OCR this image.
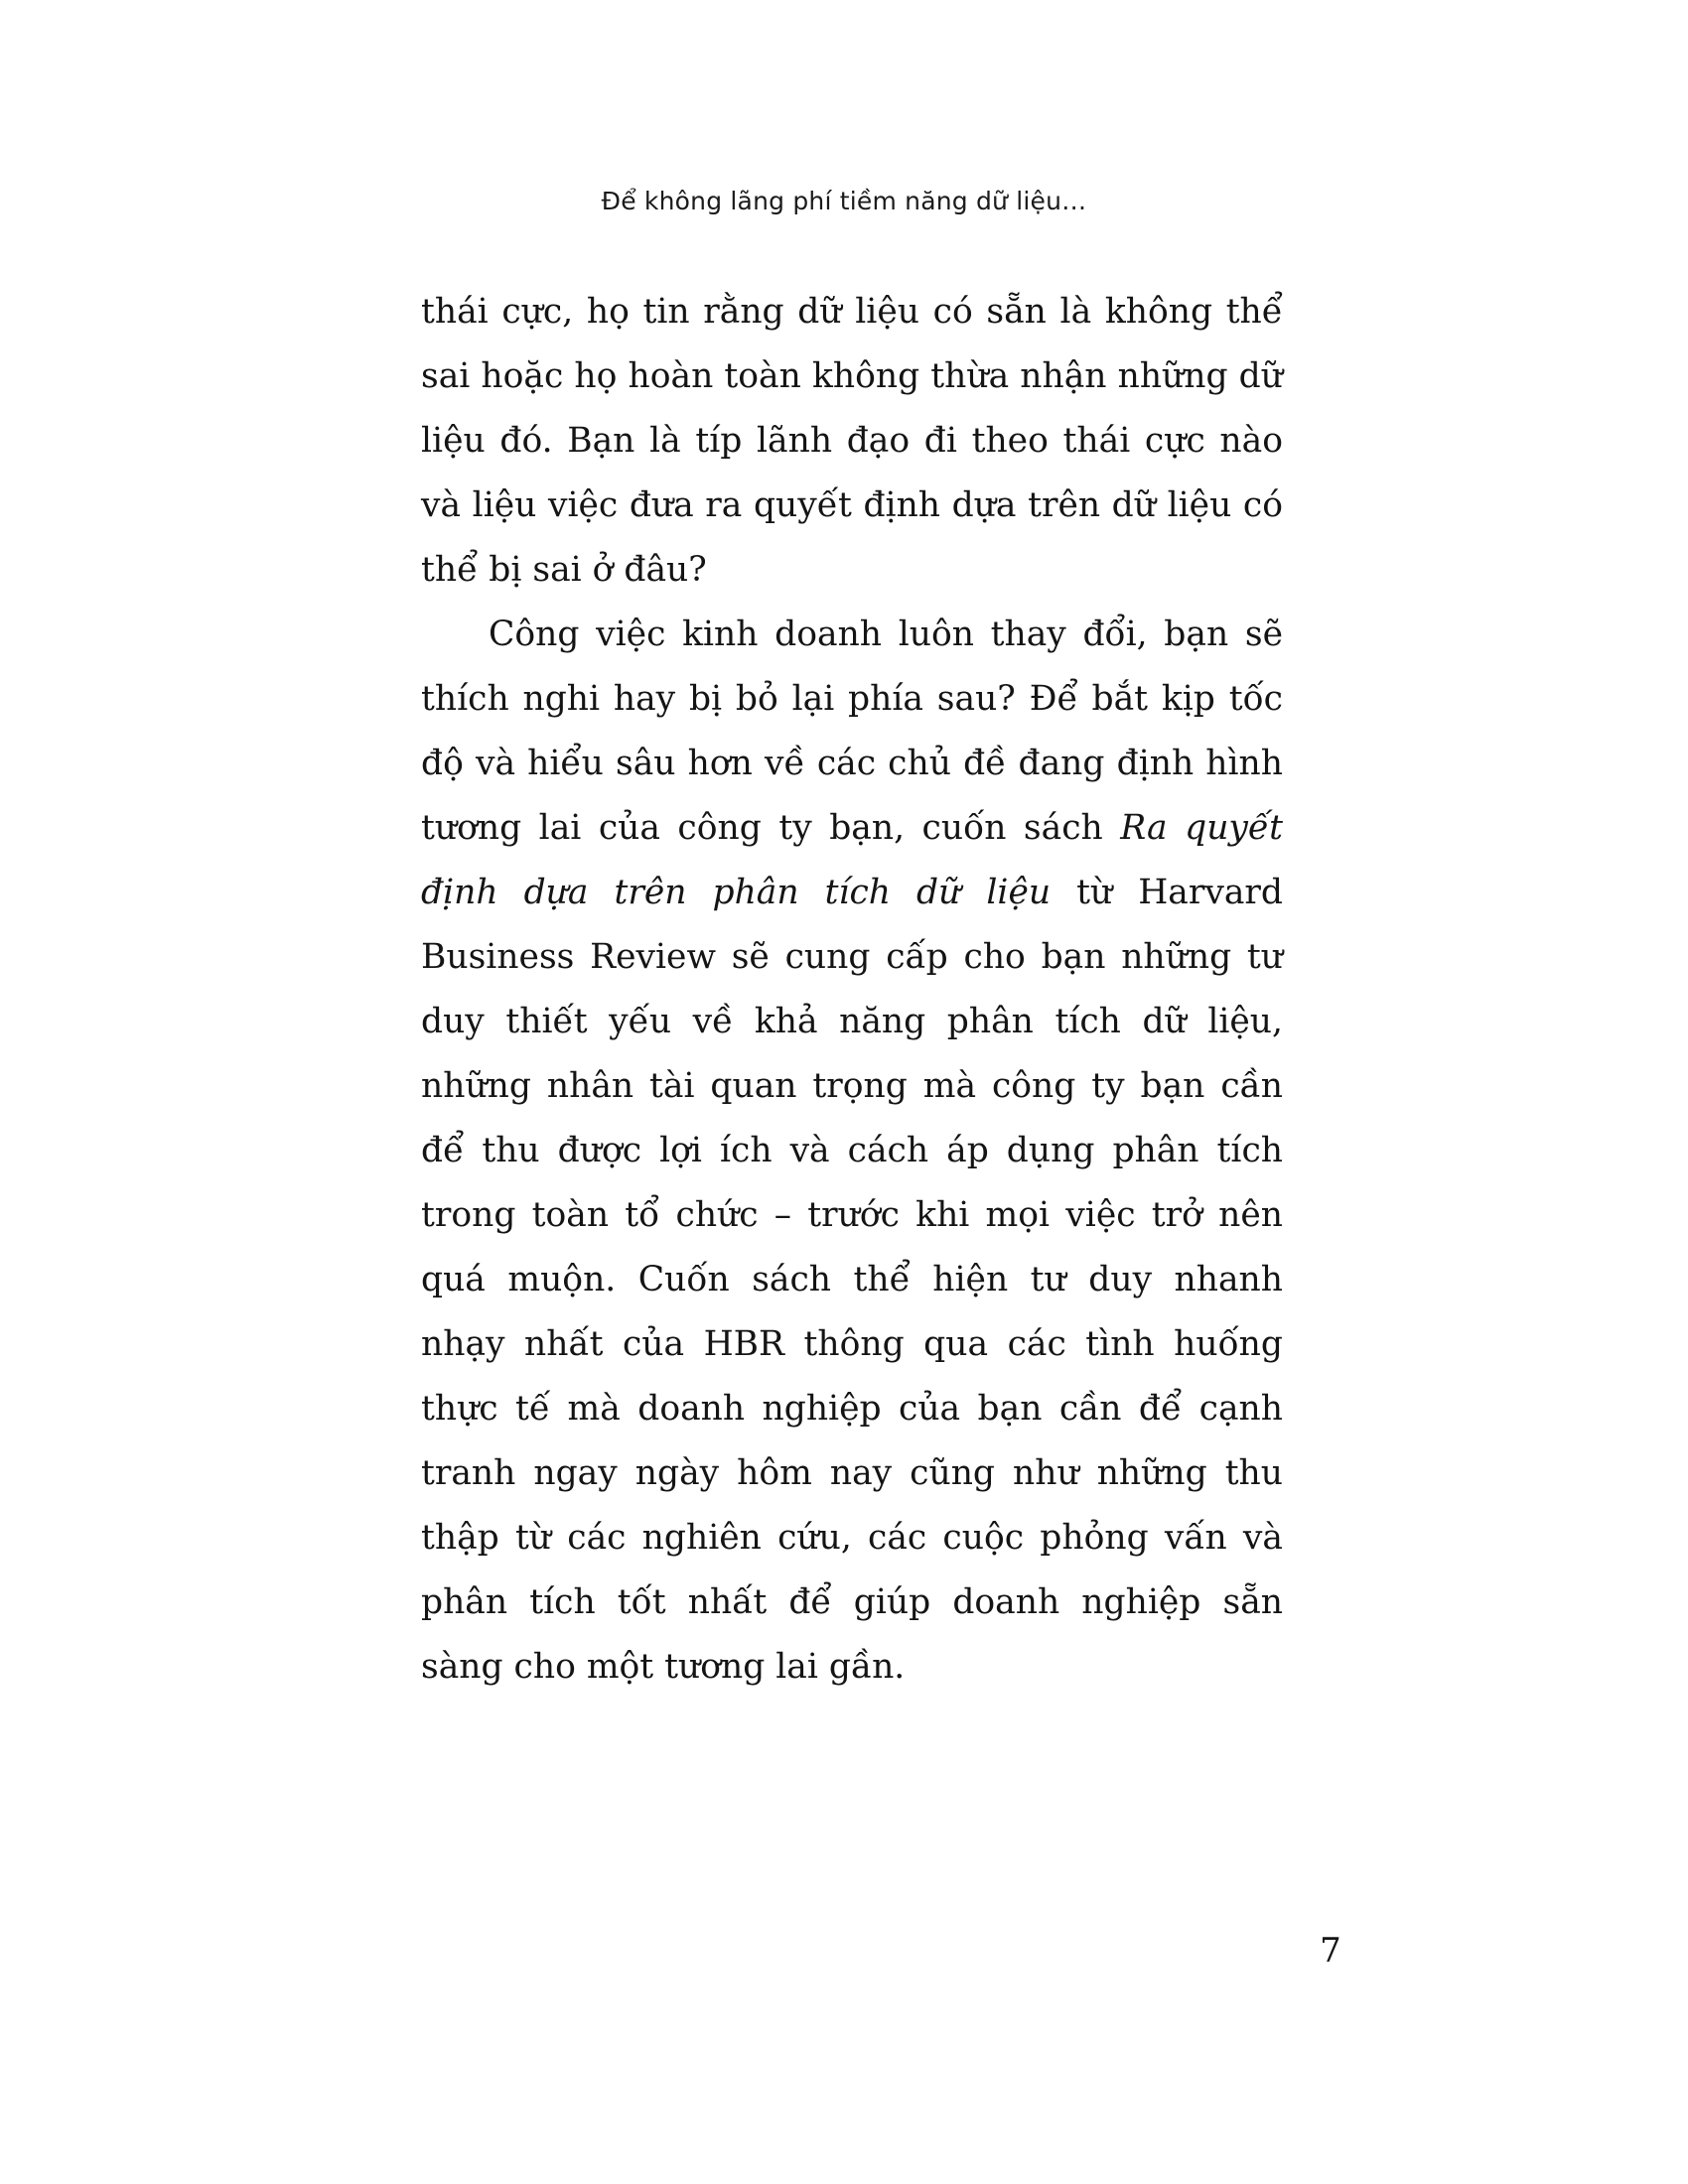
Để không lãng phí tiềm năng dữ liệu…

thái cực, họ tin rằng dữ liệu có sẵn là không thể sai hoặc họ hoàn toàn không thừa nhận những dữ liệu đó. Bạn là típ lãnh đạo đi theo thái cực nào và liệu việc đưa ra quyết định dựa trên dữ liệu có thể bị sai ở đâu?

Công việc kinh doanh luôn thay đổi, bạn sẽ thích nghi hay bị bỏ lại phía sau? Để bắt kịp tốc độ và hiểu sâu hơn về các chủ đề đang định hình tương lai của công ty bạn, cuốn sách Ra quyết định dựa trên phân tích dữ liệu từ Harvard Business Review sẽ cung cấp cho bạn những tư duy thiết yếu về khả năng phân tích dữ liệu, những nhân tài quan trọng mà công ty bạn cần để thu được lợi ích và cách áp dụng phân tích trong toàn tổ chức – trước khi mọi việc trở nên quá muộn. Cuốn sách thể hiện tư duy nhanh nhạy nhất của HBR thông qua các tình huống thực tế mà doanh nghiệp của bạn cần để cạnh tranh ngay ngày hôm nay cũng như những thu thập từ các nghiên cứu, các cuộc phỏng vấn và phân tích tốt nhất để giúp doanh nghiệp sẵn sàng cho một tương lai gần.

7
